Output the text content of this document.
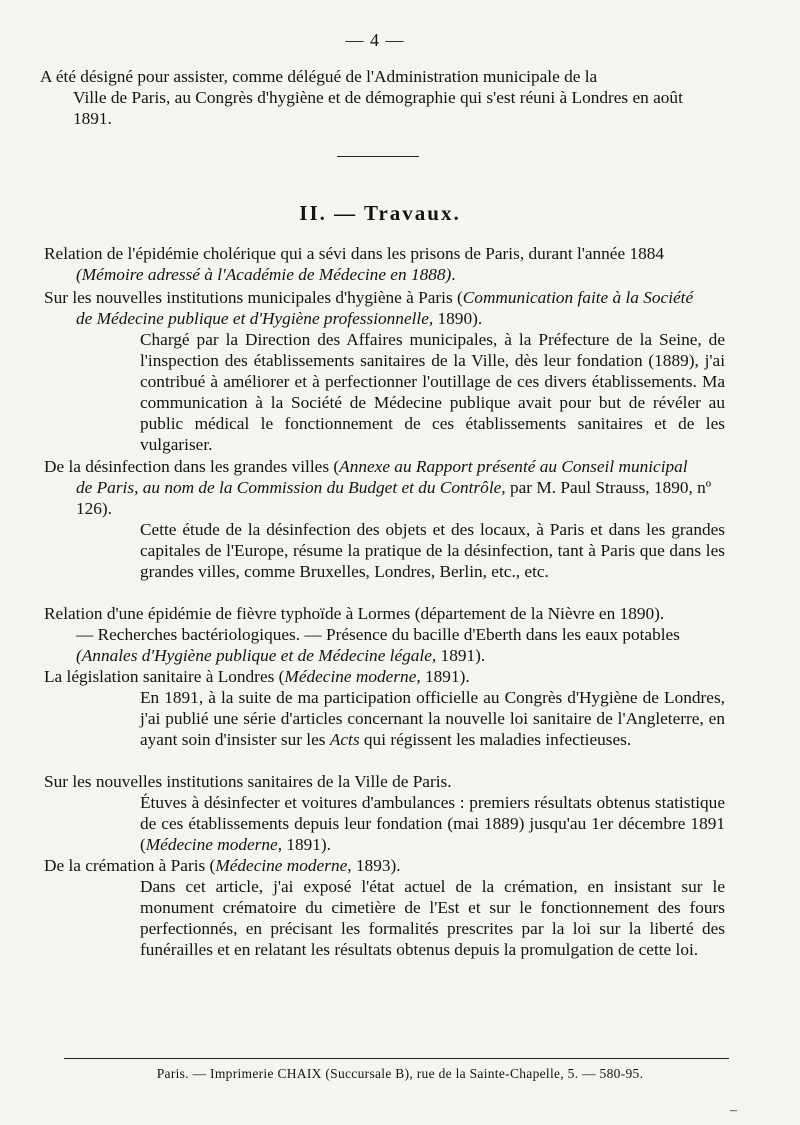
— 4 —
A été désigné pour assister, comme délégué de l'Administration municipale de la
Ville de Paris, au Congrès d'hygiène et de démographie qui s'est réuni à Londres en août 1891.
II. — Travaux.
Relation de l'épidémie cholérique qui a sévi dans les prisons de Paris, durant l'année 1884
(Mémoire adressé à l'Académie de Médecine en 1888).
Sur les nouvelles institutions municipales d'hygiène à Paris (Communication faite à la Société
de Médecine publique et d'Hygiène professionnelle, 1890).
Chargé par la Direction des Affaires municipales, à la Préfecture de la Seine, de l'inspection des établissements sanitaires de la Ville, dès leur fondation (1889), j'ai contribué à améliorer et à perfectionner l'outillage de ces divers établissements. Ma communication à la Société de Médecine publique avait pour but de révéler au public médical le fonctionnement de ces établissements sanitaires et de les vulgariser.
De la désinfection dans les grandes villes (Annexe au Rapport présenté au Conseil municipal
de Paris, au nom de la Commission du Budget et du Contrôle, par M. Paul Strauss, 1890, nº 126).
Cette étude de la désinfection des objets et des locaux, à Paris et dans les grandes capitales de l'Europe, résume la pratique de la désinfection, tant à Paris que dans les grandes villes, comme Bruxelles, Londres, Berlin, etc., etc.
Relation d'une épidémie de fièvre typhoïde à Lormes (département de la Nièvre en 1890).
— Recherches bactériologiques. — Présence du bacille d'Eberth dans les eaux potables
(Annales d'Hygiène publique et de Médecine légale, 1891).
La législation sanitaire à Londres (Médecine moderne, 1891).
En 1891, à la suite de ma participation officielle au Congrès d'Hygiène de Londres, j'ai publié une série d'articles concernant la nouvelle loi sanitaire de l'Angleterre, en ayant soin d'insister sur les Acts qui régissent les maladies infectieuses.
Sur les nouvelles institutions sanitaires de la Ville de Paris.
Étuves à désinfecter et voitures d'ambulances : premiers résultats obtenus statistique de ces établissements depuis leur fondation (mai 1889) jusqu'au 1er décembre 1891 (Médecine moderne, 1891).
De la crémation à Paris (Médecine moderne, 1893).
Dans cet article, j'ai exposé l'état actuel de la crémation, en insistant sur le monument crématoire du cimetière de l'Est et sur le fonctionnement des fours perfectionnés, en précisant les formalités prescrites par la loi sur la liberté des funérailles et en relatant les résultats obtenus depuis la promulgation de cette loi.
Paris. — Imprimerie CHAIX (Succursale B), rue de la Sainte-Chapelle, 5. — 580-95.
–
